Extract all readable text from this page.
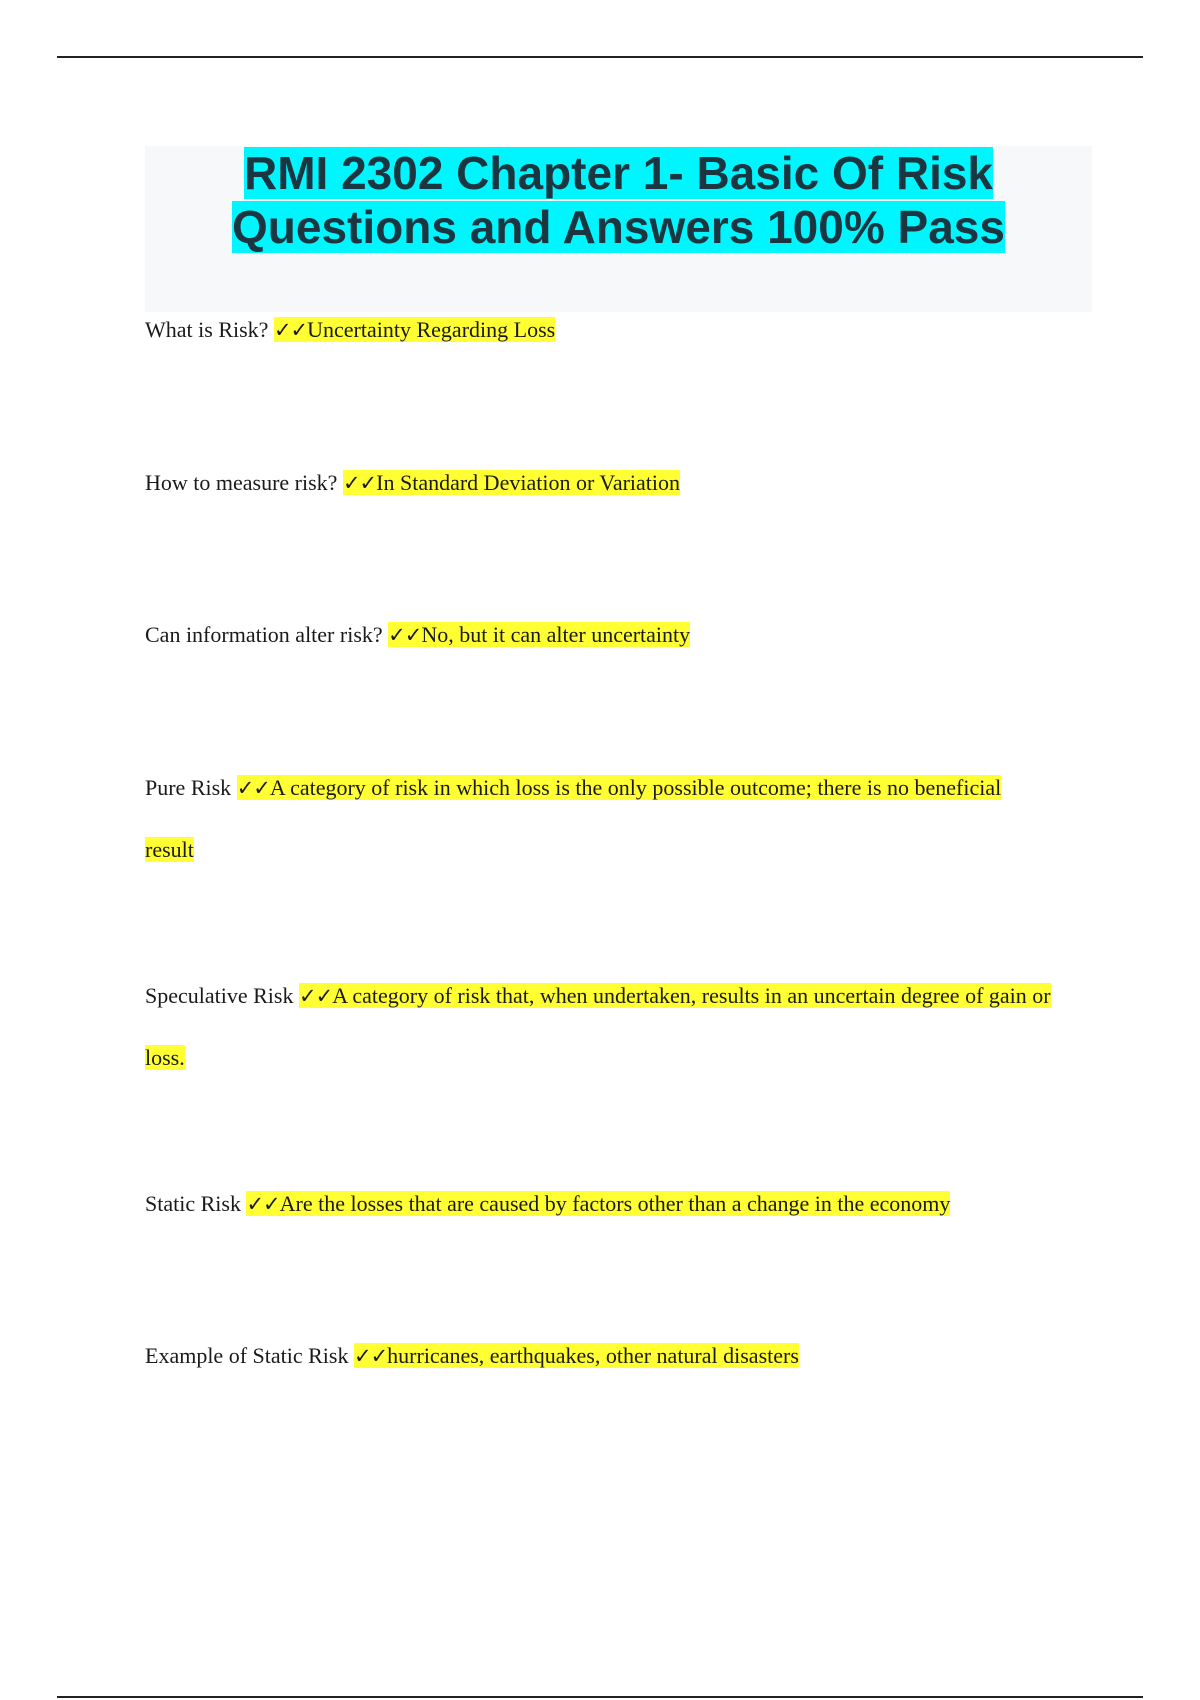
RMI 2302 Chapter 1- Basic Of Risk
Questions and Answers 100% Pass
What is Risk? ✓✓Uncertainty Regarding Loss
How to measure risk? ✓✓In Standard Deviation or Variation
Can information alter risk? ✓✓No, but it can alter uncertainty
Pure Risk ✓✓A category of risk in which loss is the only possible outcome; there is no beneficial result
Speculative Risk ✓✓A category of risk that, when undertaken, results in an uncertain degree of gain or loss.
Static Risk ✓✓Are the losses that are caused by factors other than a change in the economy
Example of Static Risk ✓✓hurricanes, earthquakes, other natural disasters
